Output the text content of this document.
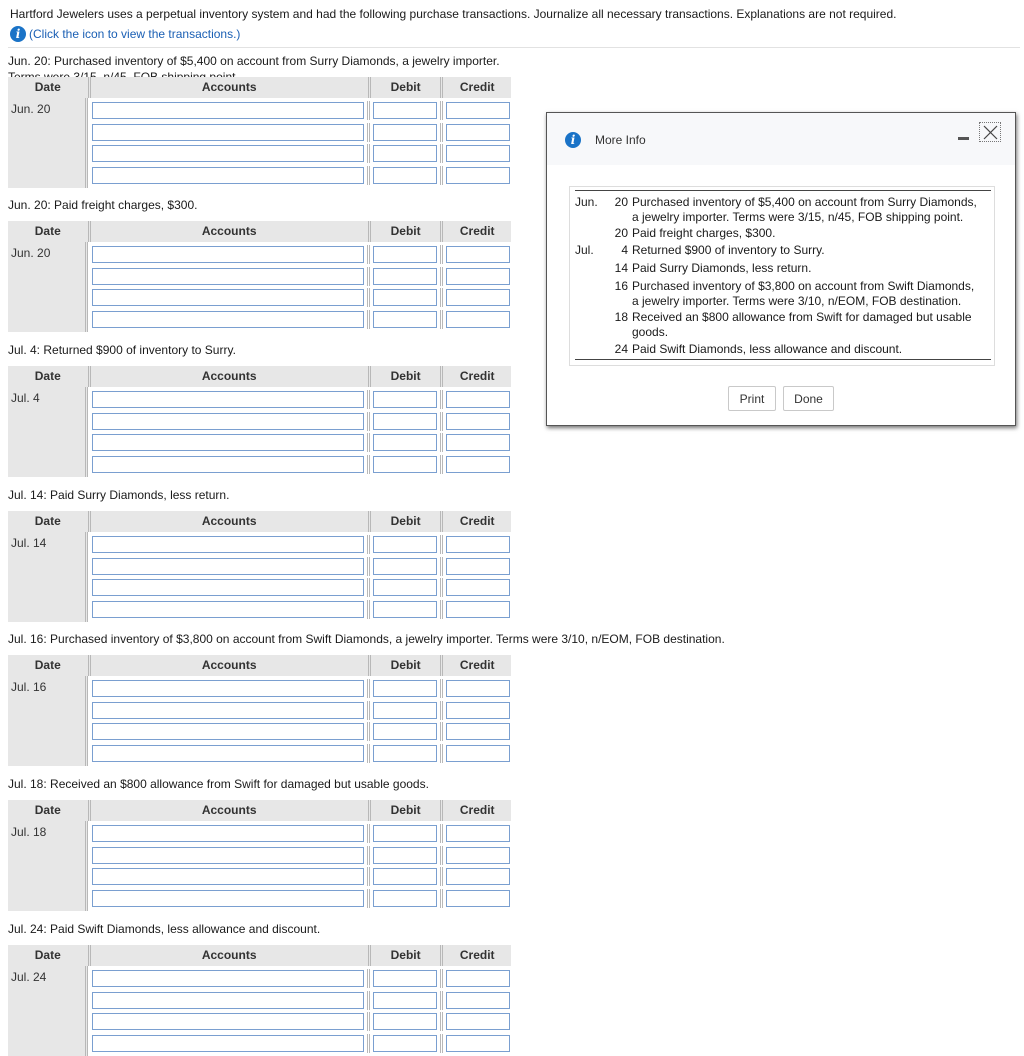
Hartford Jewelers uses a perpetual inventory system and had the following purchase transactions. Journalize all necessary transactions. Explanations are not required.

i (Click the icon to view the transactions.)

Jun. 20: Purchased inventory of $5,400 on account from Surry Diamonds, a jewelry importer.

Date	Accounts	Debit	Credit
Jun. 20

Jun. 20: Paid freight charges, $300.

Date	Accounts	Debit	Credit
Jun. 20

Jul. 4: Returned $900 of inventory to Surry.

Date	Accounts	Debit	Credit
Jul. 4

Jul. 14: Paid Surry Diamonds, less return.

Date	Accounts	Debit	Credit
Jul. 14

Jul. 16: Purchased inventory of $3,800 on account from Swift Diamonds, a jewelry importer. Terms were 3/10, n/EOM, FOB destination.

Date	Accounts	Debit	Credit
Jul. 16

Jul. 18: Received an $800 allowance from Swift for damaged but usable goods.

Date	Accounts	Debit	Credit
Jul. 18

Jul. 24: Paid Swift Diamonds, less allowance and discount.

Date	Accounts	Debit	Credit
Jul. 24
i	More Info
Jun. 20 Purchased inventory of $5,400 on account from Surry Diamonds, a jewelry importer. Terms were 3/15, n/45, FOB shipping point.
20 Paid freight charges, $300.
Jul.	4 Returned $900 of inventory to Surry.
14 Paid Surry Diamonds, less return.
16 Purchased inventory of $3,800 on account from Swift Diamonds, a jewelry importer. Terms were 3/10, n/EOM, FOB destination.
18 Received an $800 allowance from Swift for damaged but usable goods.
24 Paid Swift Diamonds, less allowance and discount.
Print	Done
